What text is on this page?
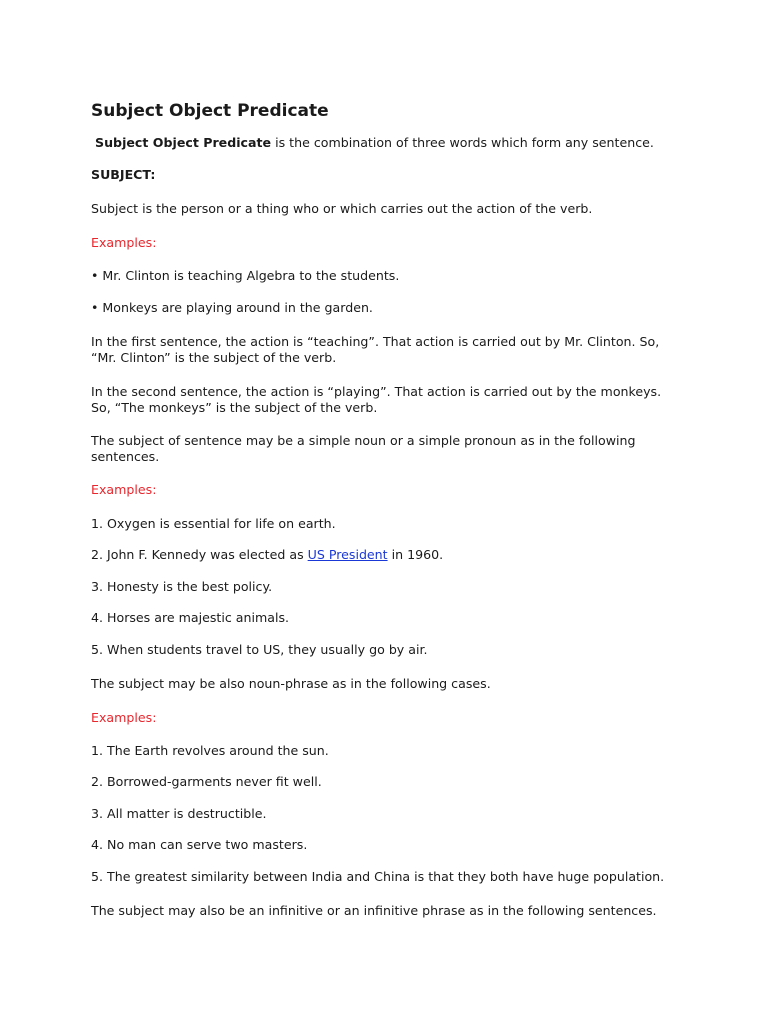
Subject Object Predicate

Subject Object Predicate is the combination of three words which form any sentence.

SUBJECT:

Subject is the person or a thing who or which carries out the action of the verb.

Examples:

• Mr. Clinton is teaching Algebra to the students.

• Monkeys are playing around in the garden.

In the first sentence, the action is “teaching”. That action is carried out by Mr. Clinton. So, “Mr. Clinton” is the subject of the verb.

In the second sentence, the action is “playing”. That action is carried out by the monkeys. So, “The monkeys” is the subject of the verb.

The subject of sentence may be a simple noun or a simple pronoun as in the following sentences.

Examples:

1. Oxygen is essential for life on earth.

2. John F. Kennedy was elected as US President in 1960.

3. Honesty is the best policy.

4. Horses are majestic animals.

5. When students travel to US, they usually go by air.

The subject may be also noun-phrase as in the following cases.

Examples:

1. The Earth revolves around the sun.

2. Borrowed-garments never fit well.

3. All matter is destructible.

4. No man can serve two masters.

5. The greatest similarity between India and China is that they both have huge population.

The subject may also be an infinitive or an infinitive phrase as in the following sentences.
